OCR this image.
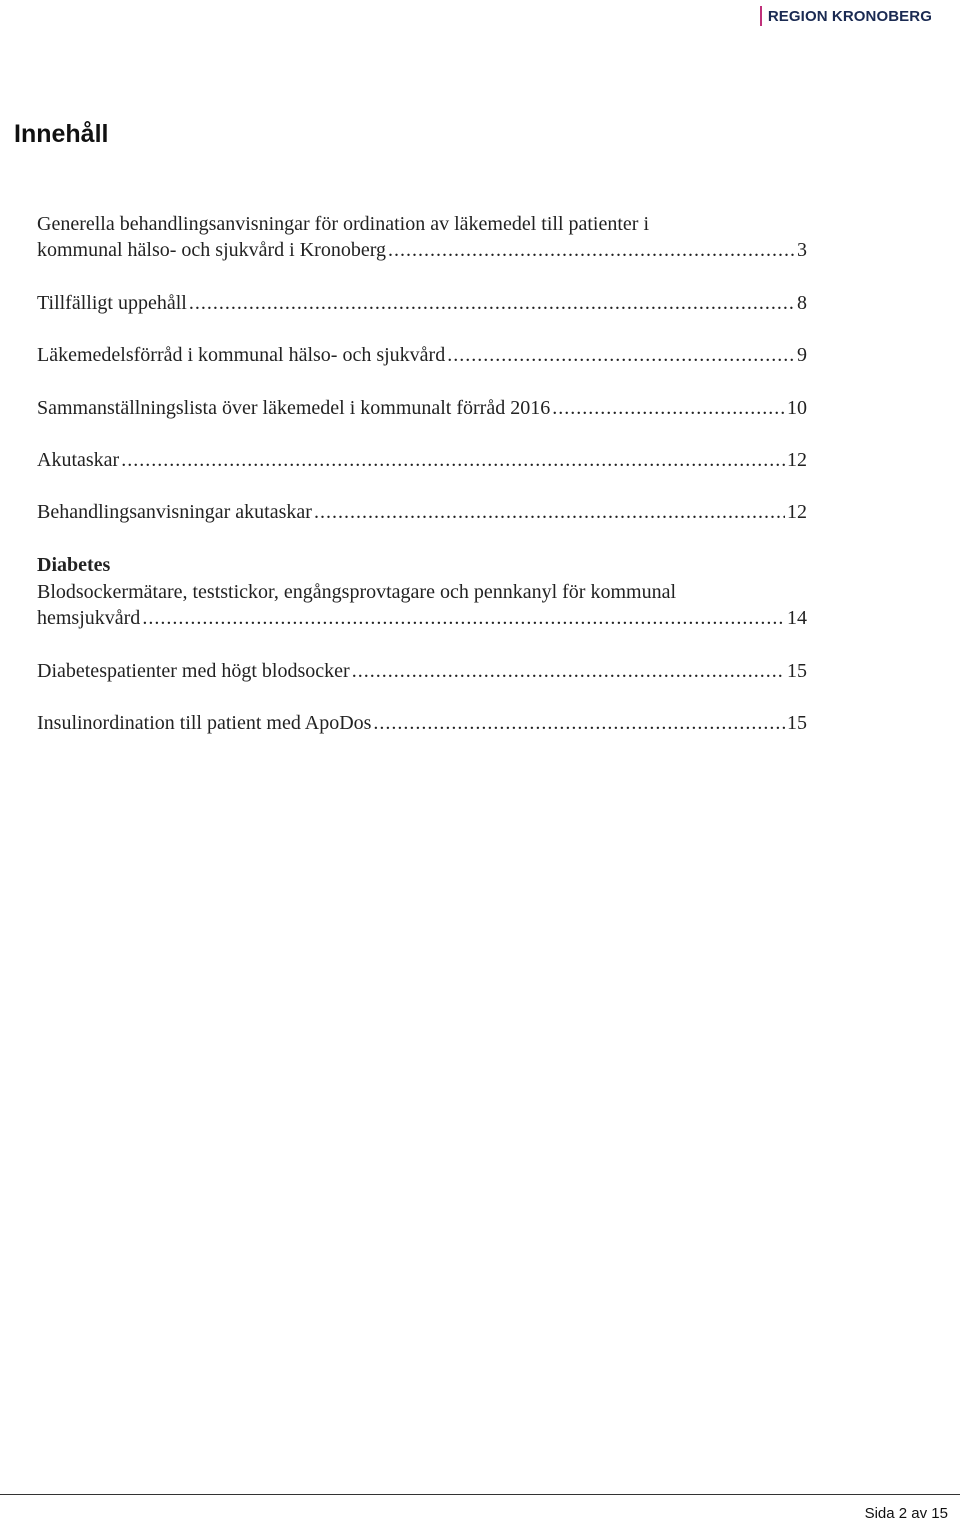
REGION KRONOBERG
Innehåll
Generella behandlingsanvisningar för ordination av läkemedel till patienter i
kommunal hälso- och sjukvård i Kronoberg .....	3
Tillfälligt uppehåll .....	8
Läkemedelsförråd i kommunal hälso- och sjukvård .....	9
Sammanställningslista över läkemedel i kommunalt förråd 2016 .....	10
Akutaskar .....	12
Behandlingsanvisningar akutaskar .....	12
Diabetes
Blodsockermätare, teststickor, engångsprovtagare och pennkanyl för kommunal
hemsjukvård .....	14
Diabetespatienter med högt blodsocker .....	15
Insulinordination till patient med ApoDos .....	15
Sida 2 av 15
